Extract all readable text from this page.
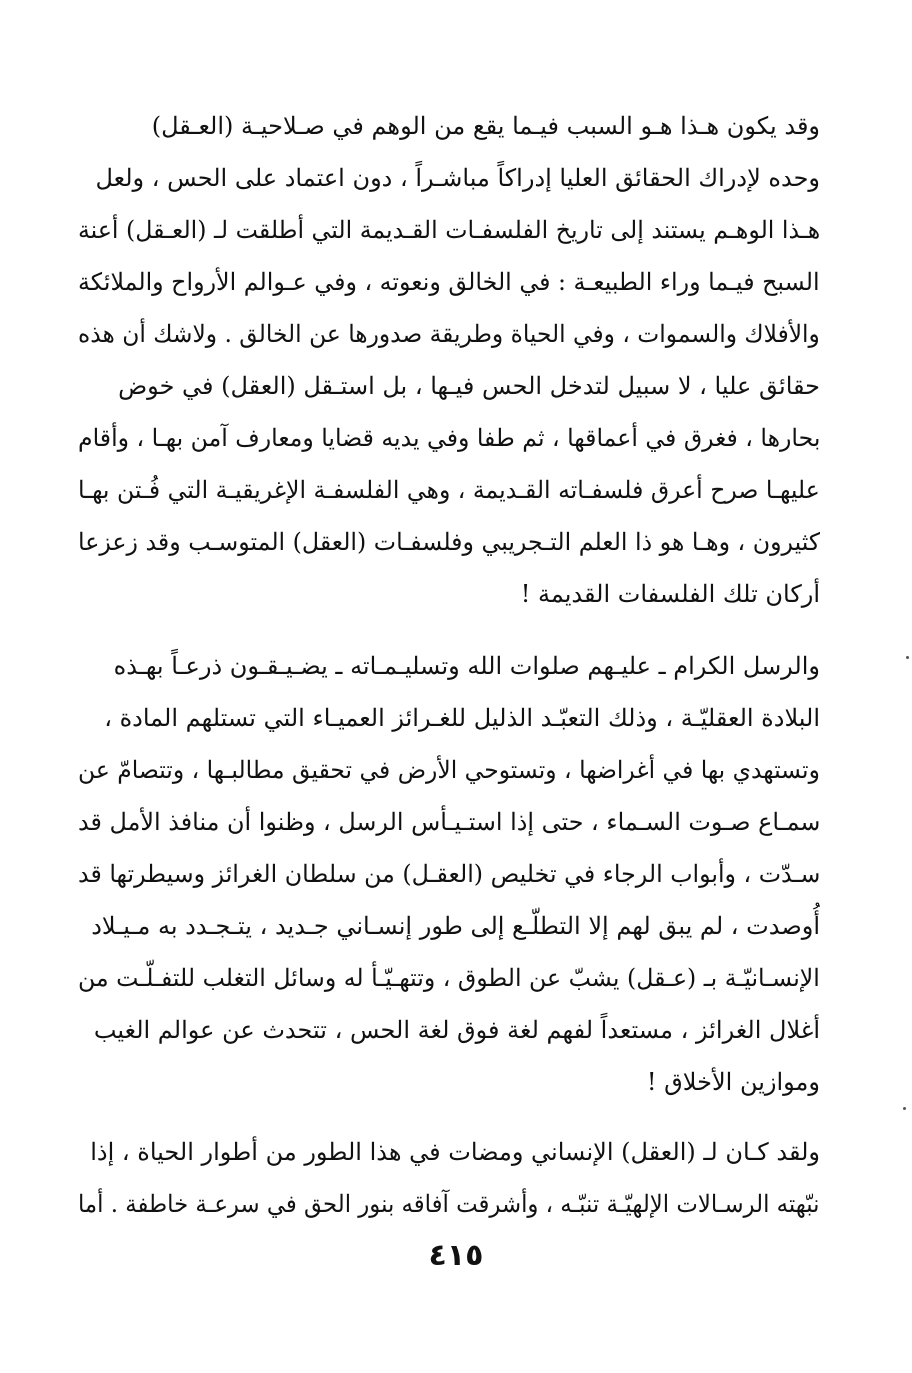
وقد يكون هـذا هـو السبب فيـما يقع من الوهم في صـلاحيـة (العـقل)
وحده لإدراك الحقائق العليا إدراكاً مباشـراً ، دون اعتماد على الحس ، ولعل
هـذا الوهـم يستند إلى تاريخ الفلسفـات القـديمة التي أطلقت لـ (العـقل) أعنة
السبح فيـما وراء الطبيعـة : في الخالق ونعوته ، وفي عـوالم الأرواح والملائكة
والأفلاك والسموات ، وفي الحياة وطريقة صدورها عن الخالق . ولاشك أن هذه
حقائق عليا ، لا سبيل لتدخل الحس فيـها ، بل استـقل (العقل) في خوض
بحارها ، فغرق في أعماقها ، ثم طفا وفي يديه قضايا ومعارف آمن بهـا ، وأقام
عليهـا صرح أعرق فلسفـاته القـديمة ، وهي الفلسفـة الإغريقيـة التي فُـتن بهـا
كثيرون ، وهـا هو ذا العلم التـجريبي وفلسفـات (العقل) المتوسـب وقد زعزعا
أركان تلك الفلسفات القديمة !
والرسل الكرام ـ عليـهم صلوات الله وتسليـمـاته ـ يضـيـقـون ذرعـاً بهـذه
البلادة العقليّـة ، وذلك التعبّـد الذليل للغـرائز العميـاء التي تستلهم المادة ،
وتستهدي بها في أغراضها ، وتستوحي الأرض في تحقيق مطالبـها ، وتتصامّ عن
سمـاع صـوت السـماء ، حتى إذا استـيـأس الرسل ، وظنوا أن منافذ الأمل قد
سـدّت ، وأبواب الرجاء في تخليص (العقـل) من سلطان الغرائز وسيطرتها قد
أُوصدت ، لم يبق لهم إلا التطلّـع إلى طور إنسـاني جـديد ، يتـجـدد به مـيـلاد
الإنسـانيّـة بـ (عـقل) يشبّ عن الطوق ، وتتهـيّـأ له وسائل التغلب للتفـلّـت من
أغلال الغرائز ، مستعداً لفهم لغة فوق لغة الحس ، تتحدث عن عوالم الغيب
وموازين الأخلاق !
ولقد كـان لـ (العقل) الإنساني ومضات في هذا الطور من أطوار الحياة ، إذا
نبّهته الرسـالات الإلهيّـة تنبّـه ، وأشرقت آفاقه بنور الحق في سرعـة خاطفة . أما
٤١٥
